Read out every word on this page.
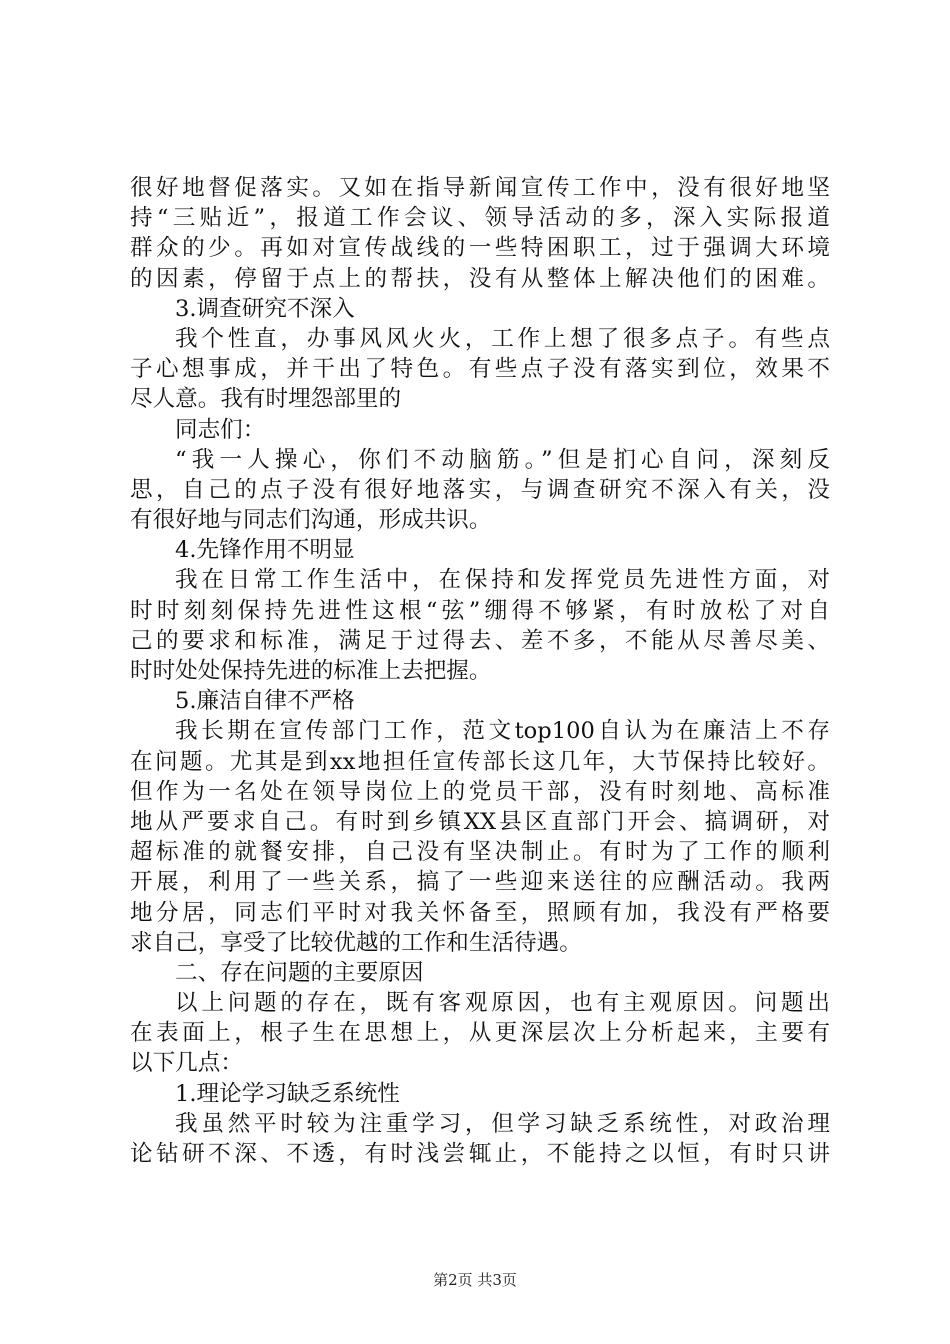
很好地督促落实。又如在指导新闻宣传工作中，没有很好地坚
持“三贴近”，报道工作会议、领导活动的多，深入实际报道
群众的少。再如对宣传战线的一些特困职工，过于强调大环境
的因素，停留于点上的帮扶，没有从整体上解决他们的困难。
3.调查研究不深入
我个性直，办事风风火火，工作上想了很多点子。有些点
子心想事成，并干出了特色。有些点子没有落实到位，效果不
尽人意。我有时埋怨部里的
同志们：
“我一人操心，你们不动脑筋。”但是扪心自问，深刻反
思，自己的点子没有很好地落实，与调查研究不深入有关，没
有很好地与同志们沟通，形成共识。
4.先锋作用不明显
我在日常工作生活中，在保持和发挥党员先进性方面，对
时时刻刻保持先进性这根“弦”绷得不够紧，有时放松了对自
己的要求和标准，满足于过得去、差不多，不能从尽善尽美、
时时处处保持先进的标准上去把握。
5.廉洁自律不严格
我长期在宣传部门工作，范文top100自认为在廉洁上不存
在问题。尤其是到xx地担任宣传部长这几年，大节保持比较好。
但作为一名处在领导岗位上的党员干部，没有时刻地、高标准
地从严要求自己。有时到乡镇XX县区直部门开会、搞调研，对
超标准的就餐安排，自己没有坚决制止。有时为了工作的顺利
开展，利用了一些关系，搞了一些迎来送往的应酬活动。我两
地分居，同志们平时对我关怀备至，照顾有加，我没有严格要
求自己，享受了比较优越的工作和生活待遇。
二、存在问题的主要原因
以上问题的存在，既有客观原因，也有主观原因。问题出
在表面上，根子生在思想上，从更深层次上分析起来，主要有
以下几点：
1.理论学习缺乏系统性
我虽然平时较为注重学习，但学习缺乏系统性，对政治理
论钻研不深、不透，有时浅尝辄止，不能持之以恒，有时只讲
第2页 共3页
